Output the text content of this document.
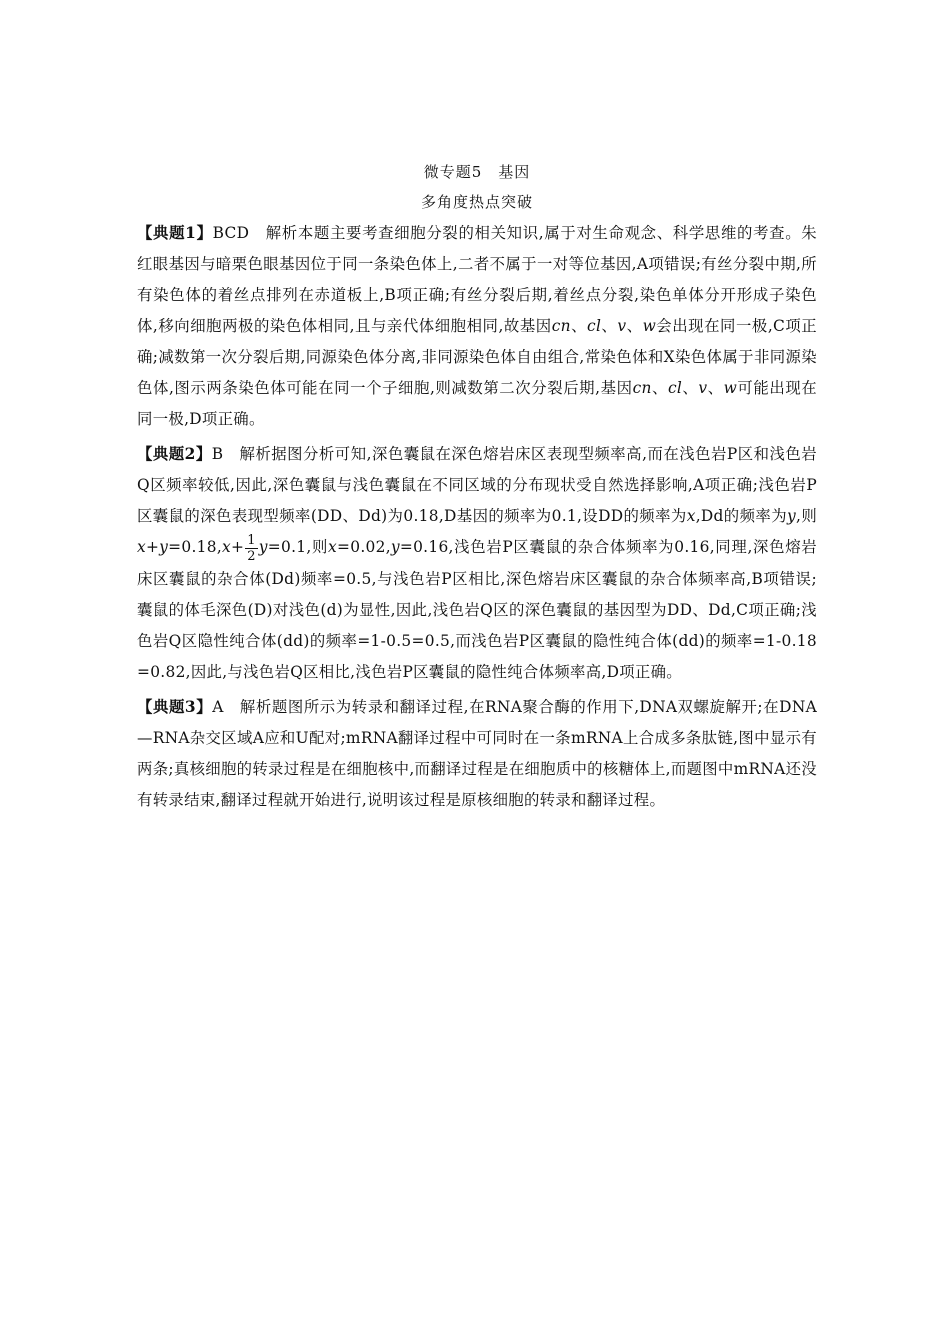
微专题5　基因
多角度热点突破

【典题1】BCD　解析本题主要考查细胞分裂的相关知识,属于对生命观念、科学思维的考查。朱红眼基因与暗栗色眼基因位于同一条染色体上,二者不属于一对等位基因,A项错误;有丝分裂中期,所有染色体的着丝点排列在赤道板上,B项正确;有丝分裂后期,着丝点分裂,染色单体分开形成子染色体,移向细胞两极的染色体相同,且与亲代体细胞相同,故基因cn、cl、v、w会出现在同一极,C项正确;减数第一次分裂后期,同源染色体分离,非同源染色体自由组合,常染色体和X染色体属于非同源染色体,图示两条染色体可能在同一个子细胞,则减数第二次分裂后期,基因cn、cl、v、w可能出现在同一极,D项正确。

【典题2】B　解析据图分析可知,深色囊鼠在深色熔岩床区表现型频率高,而在浅色岩P区和浅色岩Q区频率较低,因此,深色囊鼠与浅色囊鼠在不同区域的分布现状受自然选择影响,A项正确;浅色岩P区囊鼠的深色表现型频率(DD、Dd)为0.18,D基因的频率为0.1,设DD的频率为x,Dd的频率为y,则$x+y=0.18,x+ \frac{1}{2} y=0.1$,则x=0.02,y=0.16,浅色岩P区囊鼠的杂合体频率为0.16,同理,深色熔岩床区囊鼠的杂合体(Dd)频率=0.5,与浅色岩P区相比,深色熔岩床区囊鼠的杂合体频率高,B项错误;囊鼠的体毛深色(D)对浅色(d)为显性,因此,浅色岩Q区的深色囊鼠的基因型为DD、Dd,C项正确;浅色岩Q区隐性纯合体(dd)的频率=1-0.5=0.5,而浅色岩P区囊鼠的隐性纯合体(dd)的频率=1-0.18=0.82,因此,与浅色岩Q区相比,浅色岩P区囊鼠的隐性纯合体频率高,D项正确。

【典题3】A　解析题图所示为转录和翻译过程,在RNA聚合酶的作用下,DNA双螺旋解开;在DNA—RNA杂交区域A应和U配对;mRNA翻译过程中可同时在一条mRNA上合成多条肽链,图中显示有两条;真核细胞的转录过程是在细胞核中,而翻译过程是在细胞质中的核糖体上,而题图中mRNA还没有转录结束,翻译过程就开始进行,说明该过程是原核细胞的转录和翻译过程。
